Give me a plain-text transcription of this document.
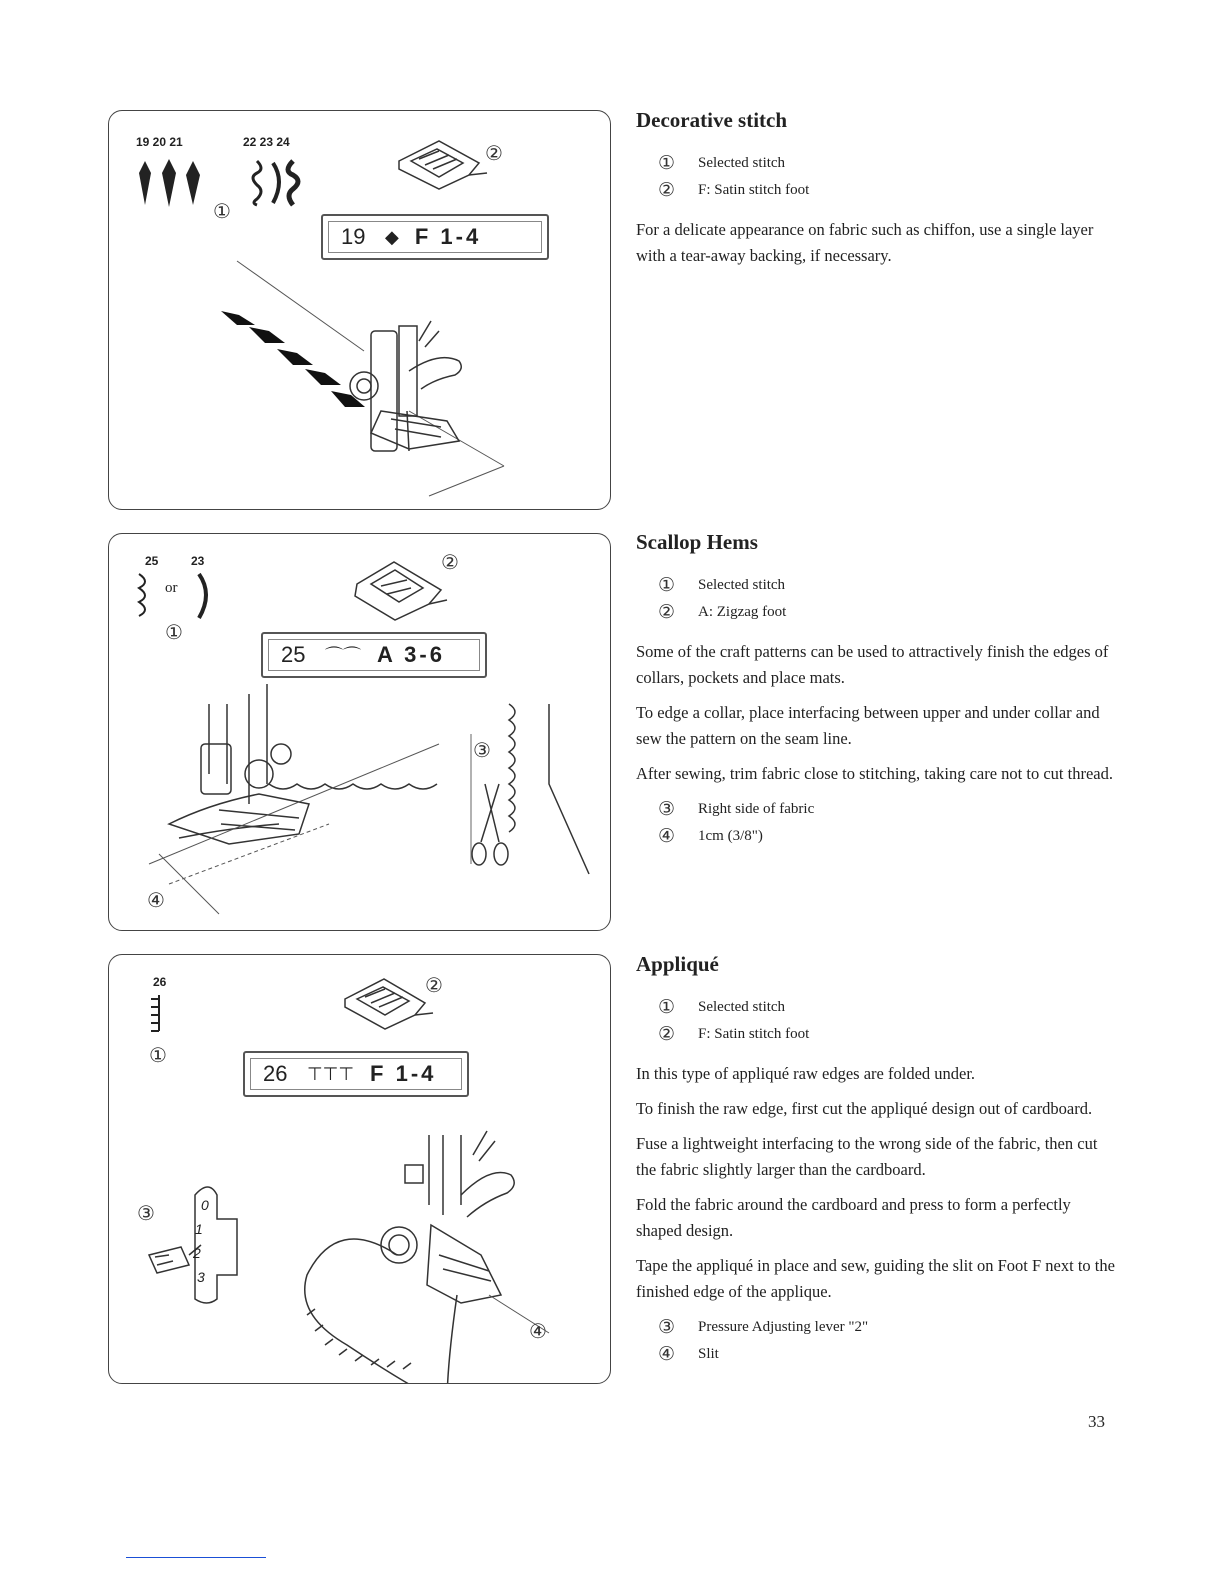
19 20 21	22 23 24
①
②
19	◆ F 1-4
25	23
or
①
②
③
④
25	⌒⌒ A 3-6
26
①
②
③
④
0
1
2
3
26	⊤⊤⊤ F 1-4
Decorative stitch
①	Selected stitch
②	F: Satin stitch foot

For a delicate appearance on fabric such as chiffon, use a single layer with a tear-away backing, if necessary.

Scallop Hems
①	Selected stitch
②	A: Zigzag foot

Some of the craft patterns can be used to attractively finish the edges of collars, pockets and place mats.

To edge a collar, place interfacing between upper and under collar and sew the pattern on the seam line.

After sewing, trim fabric close to stitching, taking care not to cut thread.

③	Right side of fabric
④	1cm (3/8")
Appliqué
①	Selected stitch
②	F: Satin stitch foot

In this type of appliqué raw edges are folded under.

To finish the raw edge, first cut the appliqué design out of cardboard.

Fuse a lightweight interfacing to the wrong side of the fabric, then cut the fabric slightly larger than the cardboard.

Fold the fabric around the cardboard and press to form a perfectly shaped design.

Tape the appliqué in place and sew, guiding the slit on Foot F next to the finished edge of the applique.

③	Pressure Adjusting lever "2"
④	Slit
33
